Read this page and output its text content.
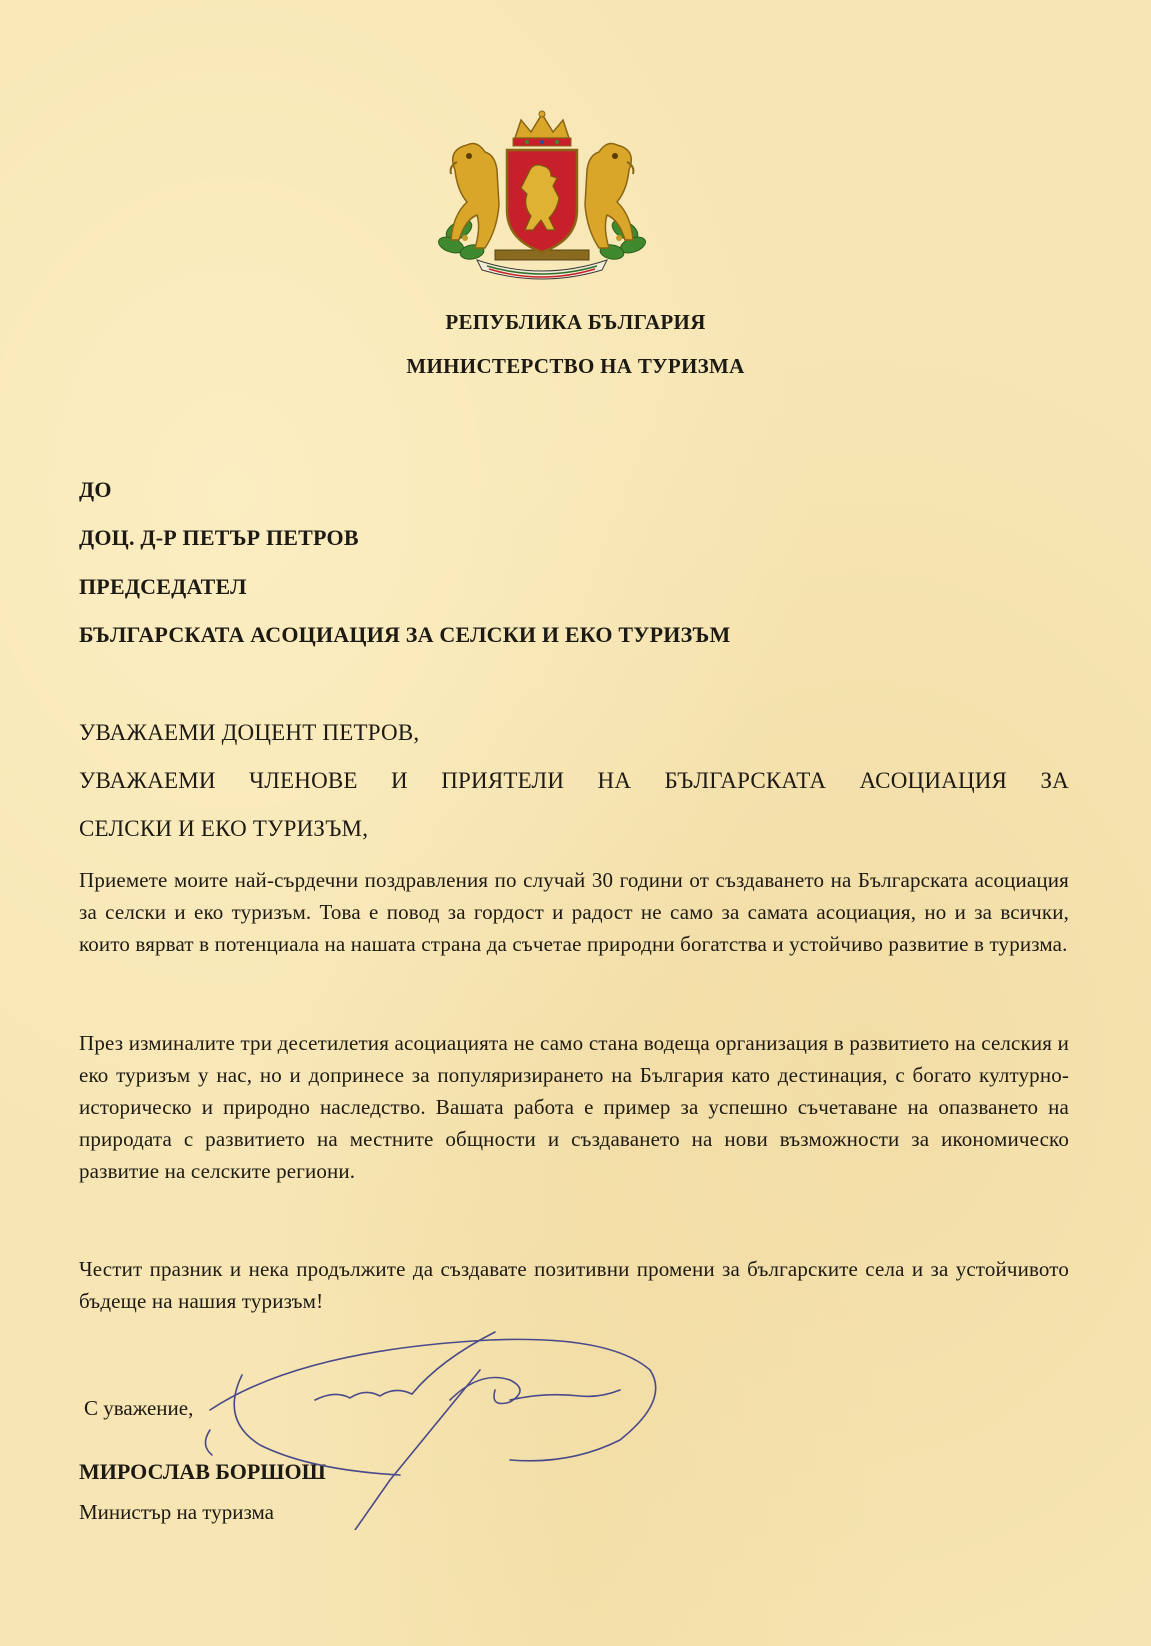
РЕПУБЛИКА БЪЛГАРИЯ
МИНИСТЕРСТВО НА ТУРИЗМА
ДО
ДОЦ. Д-Р ПЕТЪР ПЕТРОВ
ПРЕДСЕДАТЕЛ
БЪЛГАРСКАТА АСОЦИАЦИЯ ЗА СЕЛСКИ И ЕКО ТУРИЗЪМ
УВАЖАЕМИ ДОЦЕНТ ПЕТРОВ,
УВАЖАЕМИ ЧЛЕНОВЕ И ПРИЯТЕЛИ НА БЪЛГАРСКАТА АСОЦИАЦИЯ ЗА
СЕЛСКИ И ЕКО ТУРИЗЪМ,

Приемете моите най-сърдечни поздравления по случай 30 години от създаването на Българската асоциация за селски и еко туризъм. Това е повод за гордост и радост не само за самата асоциация, но и за всички, които вярват в потенциала на нашата страна да съчетае природни богатства и устойчиво развитие в туризма.

През изминалите три десетилетия асоциацията не само стана водеща организация в развитието на селския и еко туризъм у нас, но и допринесе за популяризирането на България като дестинация, с богато културно-историческо и природно наследство. Вашата работа е пример за успешно съчетаване на опазването на природата с развитието на местните общности и създаването на нови възможности за икономическо развитие на селските региони.

Честит празник и нека продължите да създавате позитивни промени за българските села и за устойчивото бъдеще на нашия туризъм!

С уважение,
МИРОСЛАВ БОРШОШ
Министър на туризма
